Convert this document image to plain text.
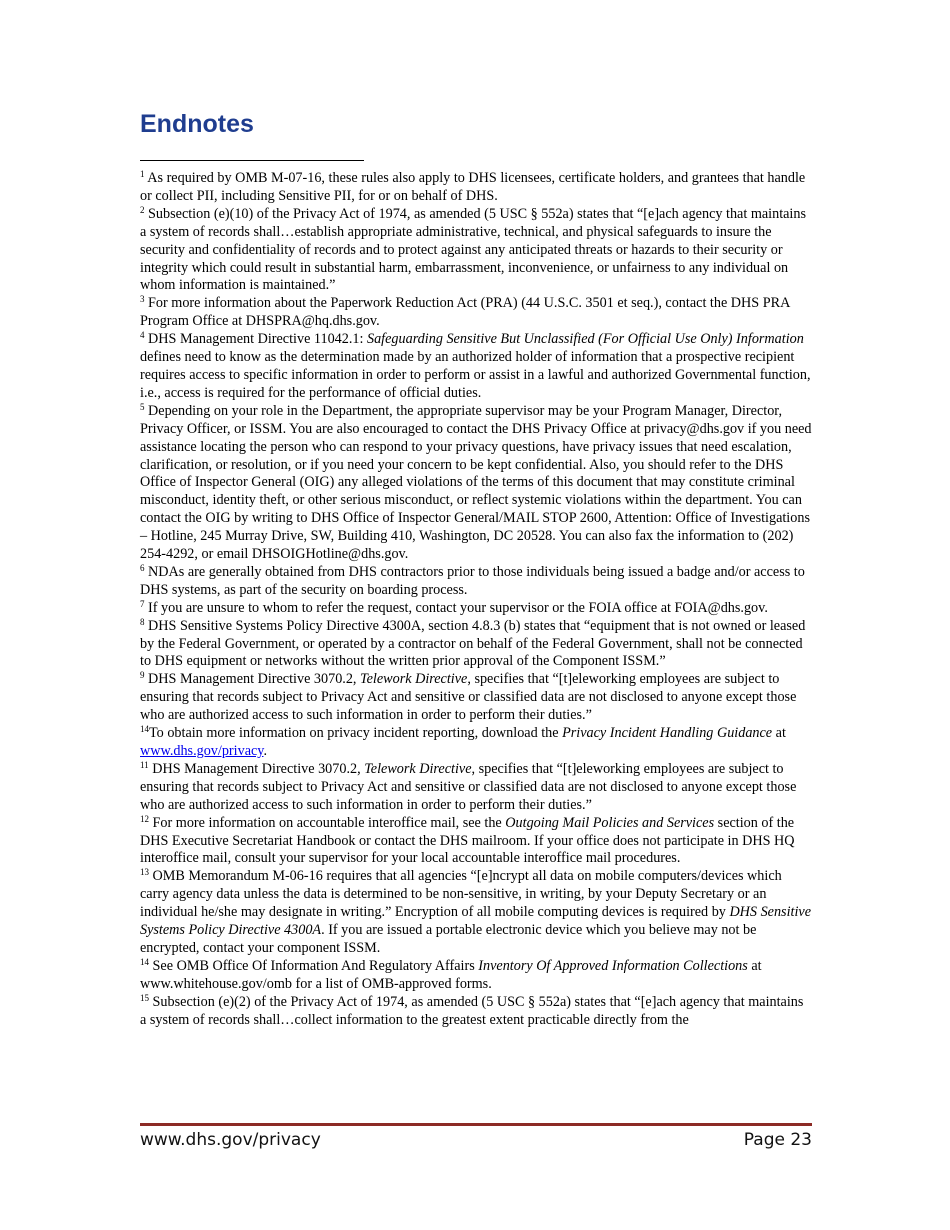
Endnotes

$^1$ As required by OMB M-07-16, these rules also apply to DHS licensees, certificate holders, and grantees that handle or collect PII, including Sensitive PII, for or on behalf of DHS.

$^2$ Subsection (e)(10) of the Privacy Act of 1974, as amended (5 USC § 552a) states that “[e]ach agency that maintains a system of records shall…establish appropriate administrative, technical, and physical safeguards to insure the security and confidentiality of records and to protect against any anticipated threats or hazards to their security or integrity which could result in substantial harm, embarrassment, inconvenience, or unfairness to any individual on whom information is maintained.”

$^3$ For more information about the Paperwork Reduction Act (PRA) (44 U.S.C. 3501 et seq.), contact the DHS PRA Program Office at DHSPRA@hq.dhs.gov.

$^4$ DHS Management Directive 11042.1: Safeguarding Sensitive But Unclassified (For Official Use Only) Information defines need to know as the determination made by an authorized holder of information that a prospective recipient requires access to specific information in order to perform or assist in a lawful and authorized Governmental function, i.e., access is required for the performance of official duties.

$^5$ Depending on your role in the Department, the appropriate supervisor may be your Program Manager, Director, Privacy Officer, or ISSM. You are also encouraged to contact the DHS Privacy Office at privacy@dhs.gov if you need assistance locating the person who can respond to your privacy questions, have privacy issues that need escalation, clarification, or resolution, or if you need your concern to be kept confidential. Also, you should refer to the DHS Office of Inspector General (OIG) any alleged violations of the terms of this document that may constitute criminal misconduct, identity theft, or other serious misconduct, or reflect systemic violations within the department. You can contact the OIG by writing to DHS Office of Inspector General/MAIL STOP 2600, Attention: Office of Investigations – Hotline, 245 Murray Drive, SW, Building 410, Washington, DC 20528. You can also fax the information to (202) 254-4292, or email DHSOIGHotline@dhs.gov.

$^6$ NDAs are generally obtained from DHS contractors prior to those individuals being issued a badge and/or access to DHS systems, as part of the security on boarding process.

$^7$ If you are unsure to whom to refer the request, contact your supervisor or the FOIA office at FOIA@dhs.gov.

$^8$ DHS Sensitive Systems Policy Directive 4300A, section 4.8.3 (b) states that “equipment that is not owned or leased by the Federal Government, or operated by a contractor on behalf of the Federal Government, shall not be connected to DHS equipment or networks without the written prior approval of the Component ISSM.”

$^9$ DHS Management Directive 3070.2, Telework Directive, specifies that “[t]eleworking employees are subject to ensuring that records subject to Privacy Act and sensitive or classified data are not disclosed to anyone except those who are authorized access to such information in order to perform their duties.”

$^{14}$To obtain more information on privacy incident reporting, download the Privacy Incident Handling Guidance at www.dhs.gov/privacy.

$^{11}$ DHS Management Directive 3070.2, Telework Directive, specifies that “[t]eleworking employees are subject to ensuring that records subject to Privacy Act and sensitive or classified data are not disclosed to anyone except those who are authorized access to such information in order to perform their duties.”

$^{12}$ For more information on accountable interoffice mail, see the Outgoing Mail Policies and Services section of the DHS Executive Secretariat Handbook or contact the DHS mailroom. If your office does not participate in DHS HQ interoffice mail, consult your supervisor for your local accountable interoffice mail procedures.

$^{13}$ OMB Memorandum M-06-16 requires that all agencies “[e]ncrypt all data on mobile computers/devices which carry agency data unless the data is determined to be non-sensitive, in writing, by your Deputy Secretary or an individual he/she may designate in writing.” Encryption of all mobile computing devices is required by DHS Sensitive Systems Policy Directive 4300A. If you are issued a portable electronic device which you believe may not be encrypted, contact your component ISSM.

$^{14}$ See OMB Office Of Information And Regulatory Affairs Inventory Of Approved Information Collections at www.whitehouse.gov/omb for a list of OMB-approved forms.

$^{15}$ Subsection (e)(2) of the Privacy Act of 1974, as amended (5 USC § 552a) states that “[e]ach agency that maintains a system of records shall…collect information to the greatest extent practicable directly from the

www.dhs.gov/privacy	Page 23
